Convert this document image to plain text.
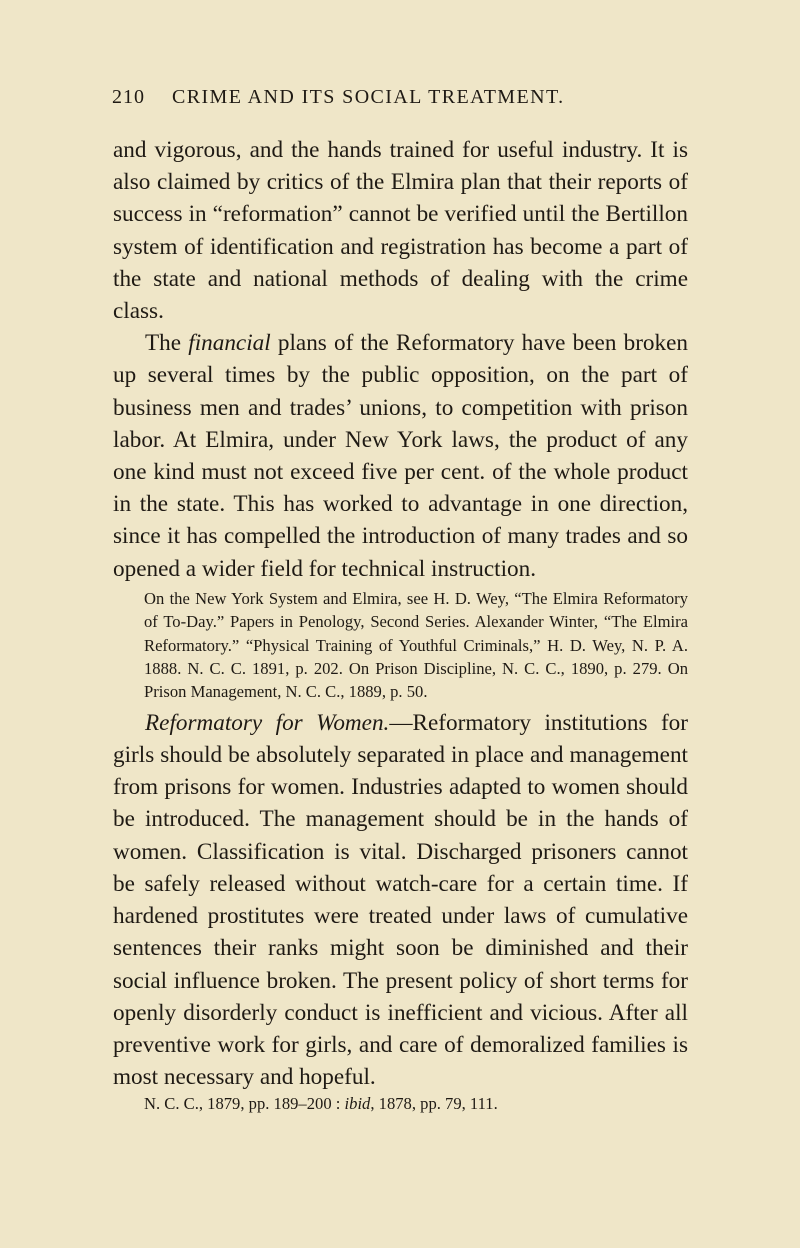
210	CRIME AND ITS SOCIAL TREATMENT.

and vigorous, and the hands trained for useful industry. It is also claimed by critics of the Elmira plan that their reports of success in “reformation” cannot be verified until the Bertillon system of identification and registration has become a part of the state and national methods of dealing with the crime class.

The financial plans of the Reformatory have been broken up several times by the public opposition, on the part of business men and trades’ unions, to competition with prison labor. At Elmira, under New York laws, the product of any one kind must not exceed five per cent. of the whole product in the state. This has worked to advantage in one direction, since it has compelled the introduction of many trades and so opened a wider field for technical instruction.

On the New York System and Elmira, see H. D. Wey, “The Elmira Reformatory of To-Day.” Papers in Penology, Second Series. Alexander Winter, “The Elmira Reformatory.” “Physical Training of Youthful Criminals,” H. D. Wey, N. P. A. 1888. N. C. C. 1891, p. 202. On Prison Discipline, N. C. C., 1890, p. 279. On Prison Management, N. C. C., 1889, p. 50.

Reformatory for Women.—Reformatory institutions for girls should be absolutely separated in place and management from prisons for women. Industries adapted to women should be introduced. The management should be in the hands of women. Classification is vital. Discharged prisoners cannot be safely released without watch-care for a certain time. If hardened prostitutes were treated under laws of cumulative sentences their ranks might soon be diminished and their social influence broken. The present policy of short terms for openly disorderly conduct is inefficient and vicious. After all preventive work for girls, and care of demoralized families is most necessary and hopeful.

N. C. C., 1879, pp. 189–200 : ibid, 1878, pp. 79, 111.
